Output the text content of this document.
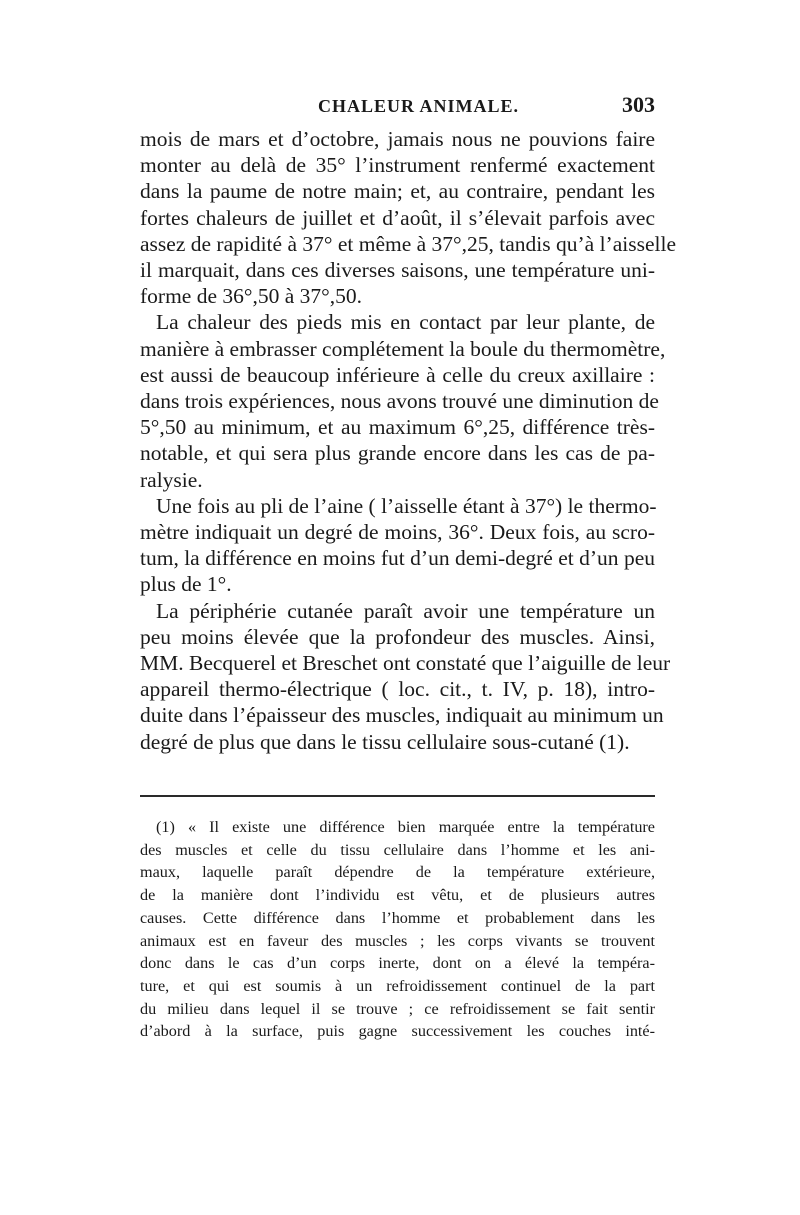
CHALEUR ANIMALE.	303
mois de mars et d’octobre, jamais nous ne pouvions faire
monter au delà de 35° l’instrument renfermé exactement
dans la paume de notre main; et, au contraire, pendant les
fortes chaleurs de juillet et d’août, il s’élevait parfois avec
assez de rapidité à 37° et même à 37°,25, tandis qu’à l’aisselle
il marquait, dans ces diverses saisons, une température uni-
forme de 36°,50 à 37°,50.
La chaleur des pieds mis en contact par leur plante, de
manière à embrasser complétement la boule du thermomètre,
est aussi de beaucoup inférieure à celle du creux axillaire :
dans trois expériences, nous avons trouvé une diminution de
5°,50 au minimum, et au maximum 6°,25, différence très-
notable, et qui sera plus grande encore dans les cas de pa-
ralysie.
Une fois au pli de l’aine ( l’aisselle étant à 37°) le thermo-
mètre indiquait un degré de moins, 36°. Deux fois, au scro-
tum, la différence en moins fut d’un demi-degré et d’un peu
plus de 1°.
La périphérie cutanée paraît avoir une température un
peu moins élevée que la profondeur des muscles. Ainsi,
MM. Becquerel et Breschet ont constaté que l’aiguille de leur
appareil thermo-électrique ( loc. cit., t. IV, p. 18), intro-
duite dans l’épaisseur des muscles, indiquait au minimum un
degré de plus que dans le tissu cellulaire sous-cutané (1).
(1) « Il existe une différence bien marquée entre la température
des muscles et celle du tissu cellulaire dans l’homme et les ani-
maux, laquelle paraît dépendre de la température extérieure,
de la manière dont l’individu est vêtu, et de plusieurs autres
causes. Cette différence dans l’homme et probablement dans les
animaux est en faveur des muscles ; les corps vivants se trouvent
donc dans le cas d’un corps inerte, dont on a élevé la tempéra-
ture, et qui est soumis à un refroidissement continuel de la part
du milieu dans lequel il se trouve ; ce refroidissement se fait sentir
d’abord à la surface, puis gagne successivement les couches inté-
